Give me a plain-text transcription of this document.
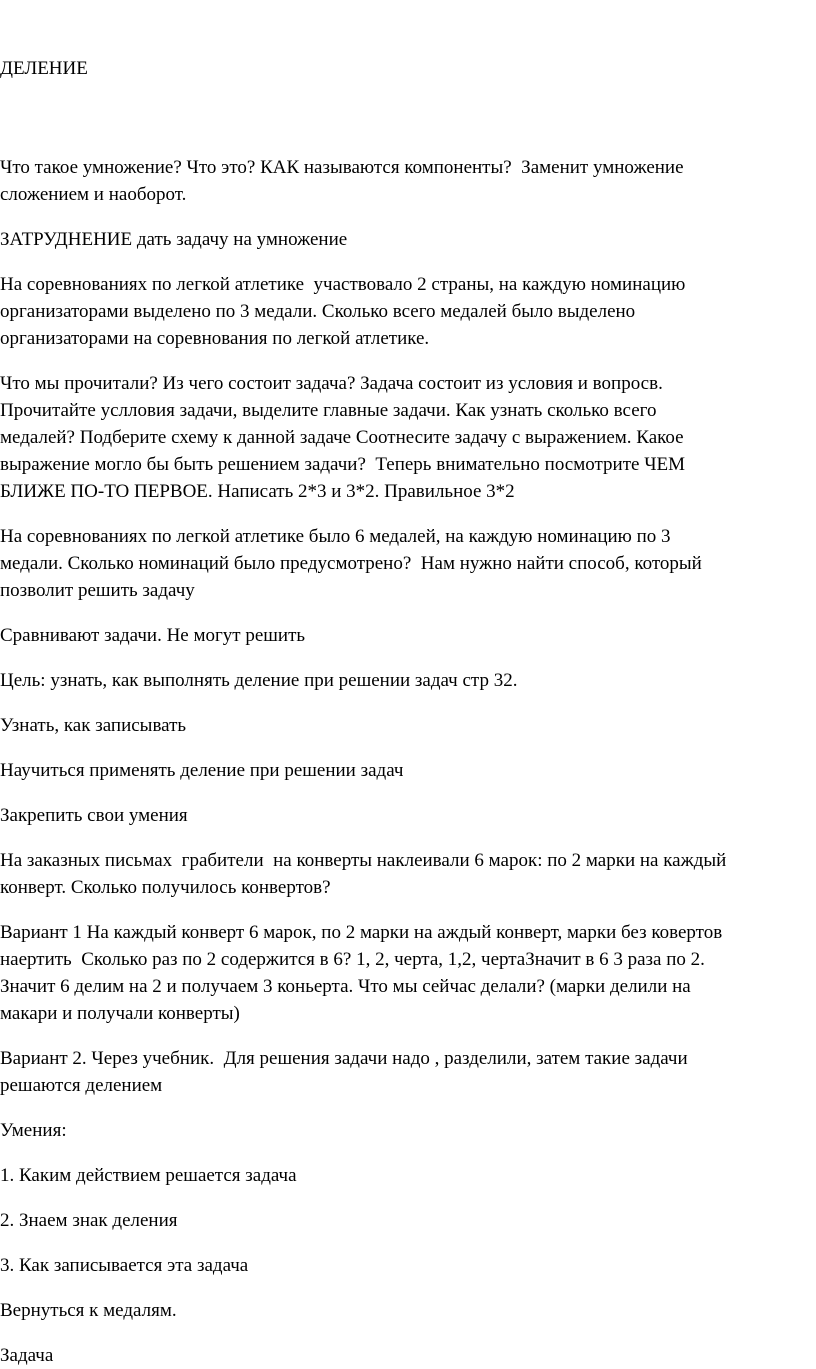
ДЕЛЕНИЕ

Что такое умножение? Что это? КАК называются компоненты?  Заменит умножение
сложением и наоборот.

ЗАТРУДНЕНИЕ дать задачу на умножение

На соревнованиях по легкой атлетике  участвовало 2 страны, на каждую номинацию
организаторами выделено по 3 медали. Сколько всего медалей было выделено
организаторами на соревнования по легкой атлетике.

Что мы прочитали? Из чего состоит задача? Задача состоит из условия и вопросв.
Прочитайте услловия задачи, выделите главные задачи. Как узнать сколько всего
медалей? Подберите схему к данной задаче Соотнесите задачу с выражением. Какое
выражение могло бы быть решением задачи?  Теперь внимательно посмотрите ЧЕМ
БЛИЖЕ ПО-ТО ПЕРВОЕ. Написать 2*3 и 3*2. Правильное 3*2

На соревнованиях по легкой атлетике было 6 медалей, на каждую номинацию по 3
медали. Сколько номинаций было предусмотрено?  Нам нужно найти способ, который
позволит решить задачу

Сравнивают задачи. Не могут решить

Цель: узнать, как выполнять деление при решении задач стр 32.

Узнать, как записывать

Научиться применять деление при решении задач

Закрепить свои умения

На заказных письмах  грабители  на конверты наклеивали 6 марок: по 2 марки на каждый
конверт. Сколько получилось конвертов?

Вариант 1 На каждый конверт 6 марок, по 2 марки на аждый конверт, марки без ковертов
наертить  Сколько раз по 2 содержится в 6? 1, 2, черта, 1,2, чертаЗначит в 6 3 раза по 2.
Значит 6 делим на 2 и получаем 3 коньерта. Что мы сейчас делали? (марки делили на
макари и получали конверты)

Вариант 2. Через учебник.  Для решения задачи надо , разделили, затем такие задачи
решаются делением

Умения:

1. Каким действием решается задача

2. Знаем знак деления

3. Как записывается эта задача

Вернуться к медалям.

Задача
